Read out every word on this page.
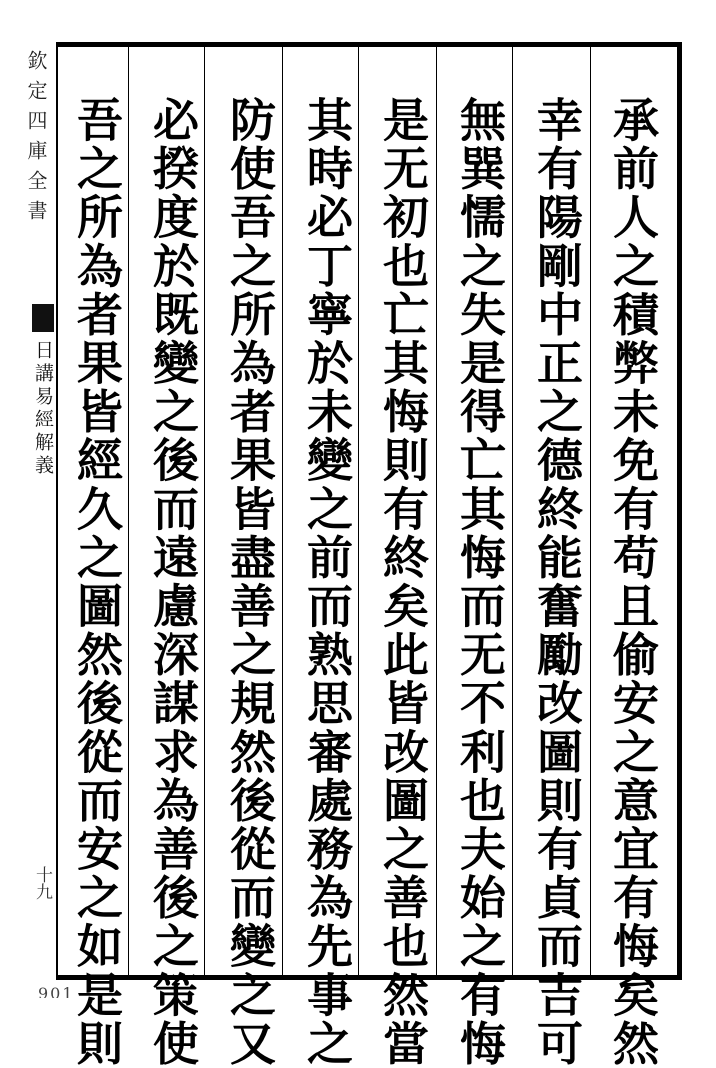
欽定四庫全書
日講易經解義
十九
901	承前人之積弊未免有苟且偷安之意宜有悔矣然
幸有陽剛中正之德終能奮勵改圖則有貞而吉可
無巽懦之失是得亡其悔而无不利也夫始之有悔
是无初也亡其悔則有終矣此皆改圖之善也然當
其時必丁寧於未變之前而熟思審處務為先事之
防使吾之所為者果皆盡善之規然後從而變之又
必揆度於既變之後而遠慮深謀求為善後之策使
吾之所為者果皆經久之圖然後從而安之如是則
